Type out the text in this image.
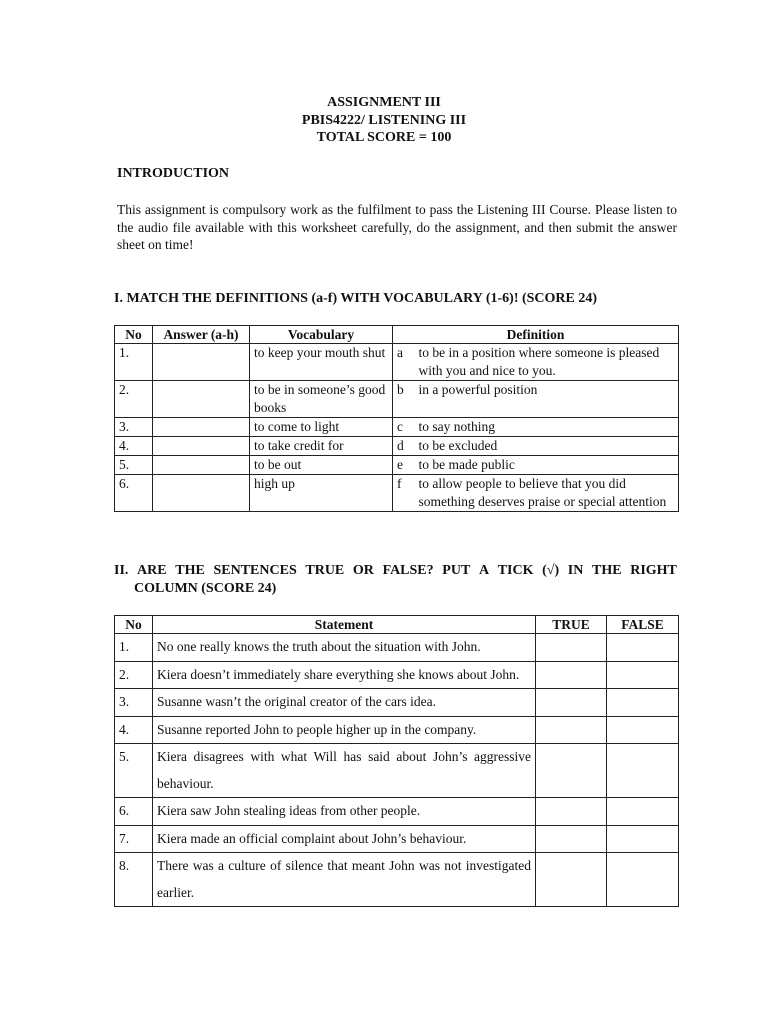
ASSIGNMENT III
PBIS4222/ LISTENING III
TOTAL SCORE = 100
INTRODUCTION
This assignment is compulsory work as the fulfilment to pass the Listening III Course. Please listen to the audio file available with this worksheet carefully, do the assignment, and then submit the answer sheet on time!
I. MATCH THE DEFINITIONS (a-f) WITH VOCABULARY (1-6)! (SCORE 24)
No	Answer (a-h)	Vocabulary	Definition	
1.		to keep your mouth shut	a	to be in a position where someone is pleased with you and nice to you.
2.		to be in someone’s good books	b	in a powerful position
3.		to come to light	c	to say nothing
4.		to take credit for	d	to be excluded
5.		to be out	e	to be made public
6.		high up	f	to allow people to believe that you did something deserves praise or special attention
II. ARE THE SENTENCES TRUE OR FALSE? PUT A TICK (√) IN THE RIGHT
COLUMN (SCORE 24)
No	Statement	TRUE	FALSE
1.	No one really knows the truth about the situation with John.		
2.	Kiera doesn’t immediately share everything she knows about John.		
3.	Susanne wasn’t the original creator of the cars idea.		
4.	Susanne reported John to people higher up in the company.		
5.	Kiera disagrees with what Will has said about John’s aggressive behaviour.		
6.	Kiera saw John stealing ideas from other people.		
7.	Kiera made an official complaint about John’s behaviour.		
8.	There was a culture of silence that meant John was not investigated earlier.		
